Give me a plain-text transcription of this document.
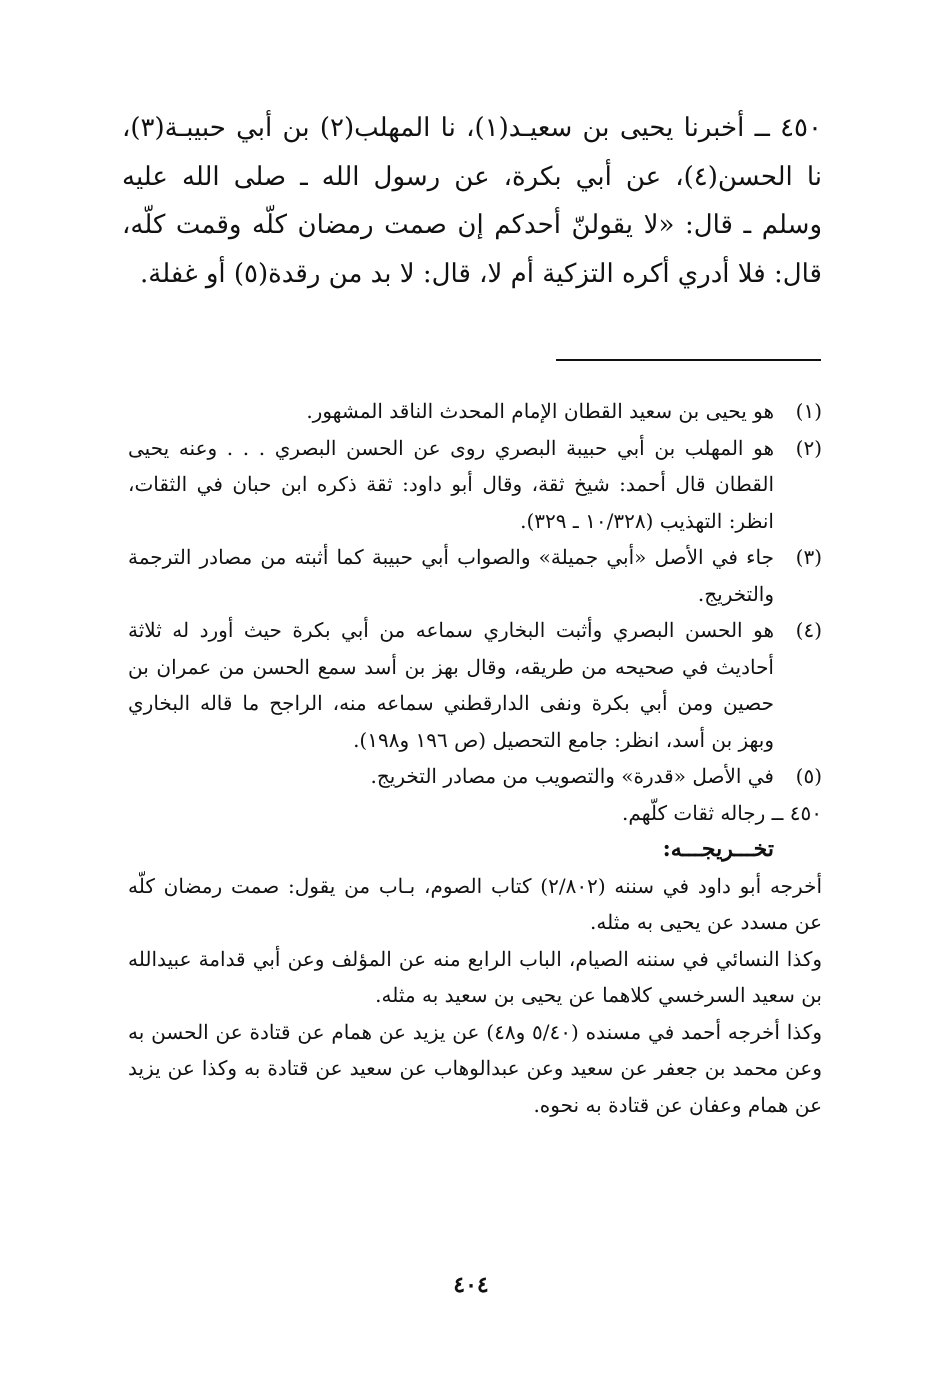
٤٥٠ ــ أخبرنا يحيى بن سعيـد(١)، نا المهلب(٢) بن أبي حبيبـة(٣)، نا الحسن(٤)، عن أبي بكرة، عن رسول الله ـ صلى الله عليه وسلم ـ قال: «لا يقولنّ أحدكم إن صمت رمضان كلّه وقمت كلّه، قال: فلا أدري أكره التزكية أم لا، قال: لا بد من رقدة(٥) أو غفلة.

(١)
هو يحيى بن سعيد القطان الإمام المحدث الناقد المشهور.
(٢)
هو المهلب بن أبي حبيبة البصري روى عن الحسن البصري . . . وعنه يحيى القطان قال أحمد: شيخ ثقة، وقال أبو داود: ثقة ذكره ابن حبان في الثقات، انظر: التهذيب (١٠/٣٢٨ ـ ٣٢٩).
(٣)
جاء في الأصل «أبي جميلة» والصواب أبي حبيبة كما أثبته من مصادر الترجمة والتخريج.
(٤)
هو الحسن البصري وأثبت البخاري سماعه من أبي بكرة حيث أورد له ثلاثة أحاديث في صحيحه من طريقه، وقال بهز بن أسد سمع الحسن من عمران بن حصين ومن أبي بكرة ونفى الدارقطني سماعه منه، الراجح ما قاله البخاري وبهز بن أسد، انظر: جامع التحصيل (ص ١٩٦ و١٩٨).
(٥)
في الأصل «قدرة» والتصويب من مصادر التخريج.

٤٥٠ ــ رجاله ثقات كلّهم.

تخـــريجـــه:

أخرجه أبو داود في سننه (٢/٨٠٢) كتاب الصوم، بـاب من يقول: صمت رمضان كلّه عن مسدد عن يحيى به مثله.

وكذا النسائي في سننه الصيام، الباب الرابع منه عن المؤلف وعن أبي قدامة عبيدالله بن سعيد السرخسي كلاهما عن يحيى بن سعيد به مثله.

وكذا أخرجه أحمد في مسنده (٥/٤٠ و٤٨) عن يزيد عن همام عن قتادة عن الحسن به وعن محمد بن جعفر عن سعيد وعن عبدالوهاب عن سعيد عن قتادة به وكذا عن يزيد عن همام وعفان عن قتادة به نحوه.

٤٠٤
